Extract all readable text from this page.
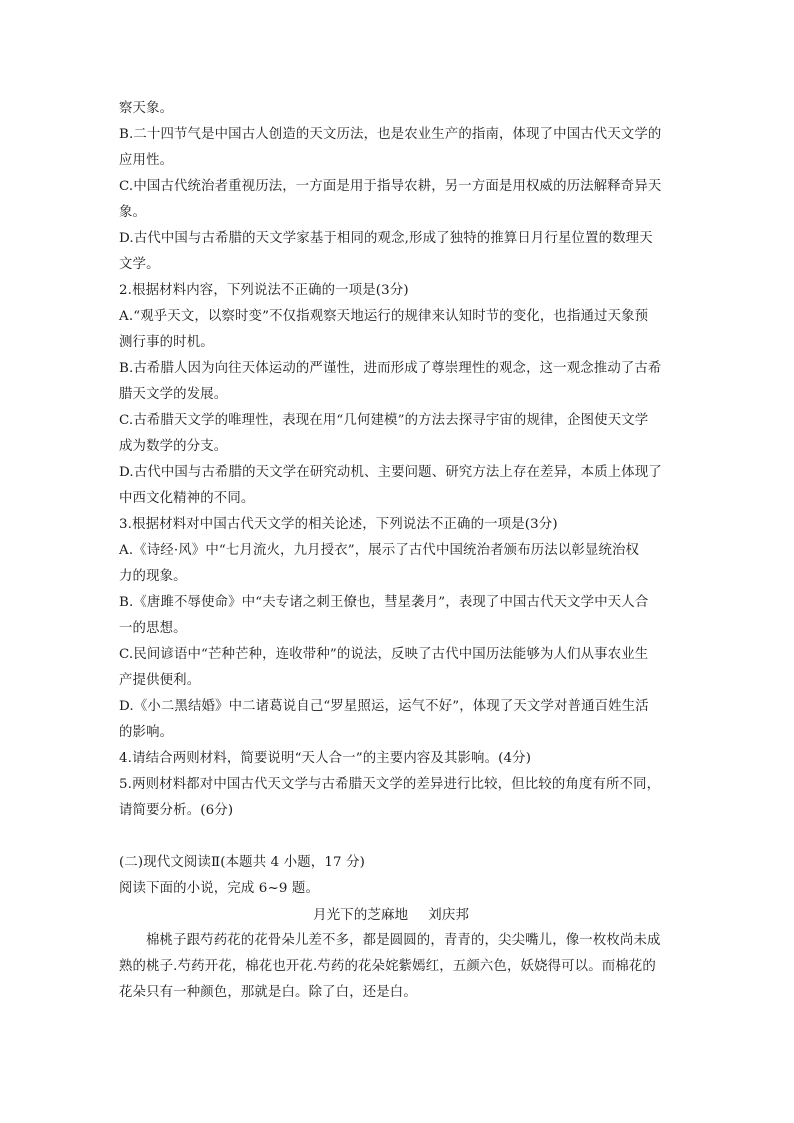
察天象。
B.二十四节气是中国古人创造的天文历法，也是农业生产的指南，体现了中国古代天文学的
应用性。
C.中国古代统治者重视历法，一方面是用于指导农耕，另一方面是用权威的历法解释奇异天
象。
D.古代中国与古希腊的天文学家基于相同的观念,形成了独特的推算日月行星位置的数理天
文学。
2.根据材料内容，下列说法不正确的一项是(3分)
A.“观乎天文，以察时变”不仅指观察天地运行的规律来认知时节的变化，也指通过天象预
测行事的时机。
B.古希腊人因为向往天体运动的严谨性，进而形成了尊崇理性的观念，这一观念推动了古希
腊天文学的发展。
C.古希腊天文学的唯理性，表现在用“几何建模”的方法去探寻宇宙的规律，企图使天文学
成为数学的分支。
D.古代中国与古希腊的天文学在研究动机、主要问题、研究方法上存在差异，本质上体现了
中西文化精神的不同。
3.根据材料对中国古代天文学的相关论述，下列说法不正确的一项是(3分)
A.《诗经·风》中“七月流火，九月授衣”，展示了古代中国统治者颁布历法以彰显统治权
力的现象。
B.《唐雎不辱使命》中“夫专诸之刺王僚也，彗星袭月”，表现了中国古代天文学中天人合
一的思想。
C.民间谚语中“芒种芒种，连收带种”的说法，反映了古代中国历法能够为人们从事农业生
产提供便利。
D.《小二黑结婚》中二诸葛说自己“罗星照运，运气不好”，体现了天文学对普通百姓生活
的影响。
4.请结合两则材料，简要说明“天人合一”的主要内容及其影响。(4分)
5.两则材料都对中国古代天文学与古希腊天文学的差异进行比较，但比较的角度有所不同，
请简要分析。(6分)
(二)现代文阅读Ⅱ(本题共 4 小题，17 分)
阅读下面的小说，完成 6~9 题。
月光下的芝麻地 刘庆邦
棉桃子跟芍药花的花骨朵儿差不多，都是圆圆的，青青的，尖尖嘴儿，像一枚枚尚未成
熟的桃子.芍药开花，棉花也开花.芍药的花朵姹紫嫣红，五颜六色，妖娆得可以。而棉花的
花朵只有一种颜色，那就是白。除了白，还是白。
